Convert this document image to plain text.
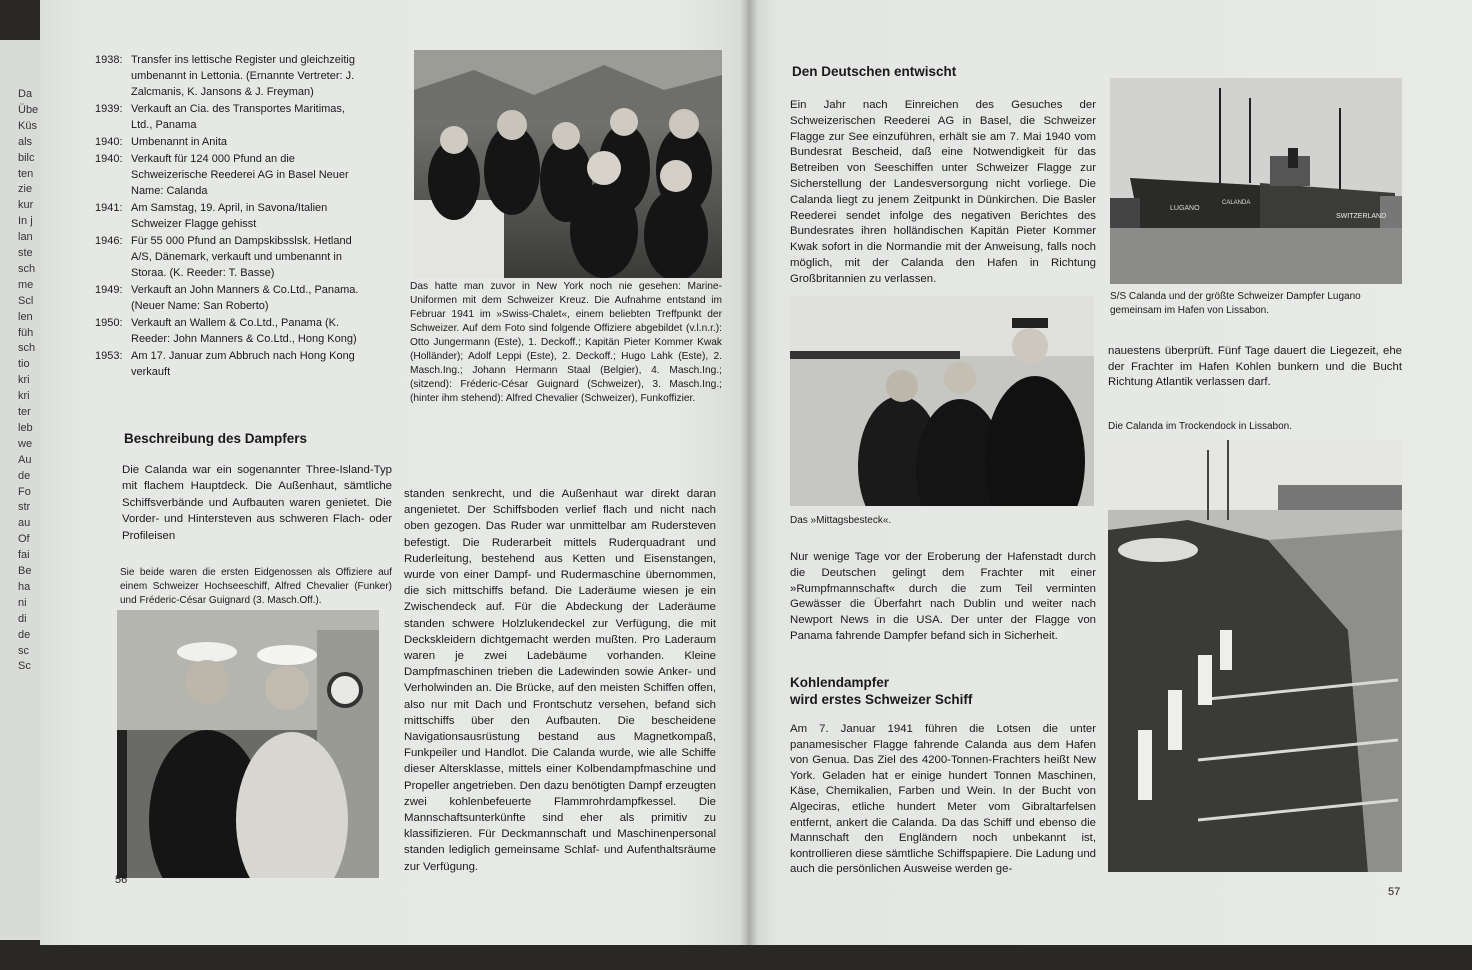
Da
Übe
Küs
als
bilc
ten
zie
kur
In j
lan
ste
sch
me
Scl
len
füh
sch
tio
kri
kri
ter
leb
we
Au
de
Fo
str
au
Of
fai
Be
ha
ni
di
de
sc
Sc
1938: Transfer ins lettische Register und gleichzeitig umbenannt in Lettonia. (Ernannte Vertreter: J. Zalcmanis, K. Jansons & J. Freyman)
1939: Verkauft an Cia. des Transportes Maritimas, Ltd., Panama
1940: Umbenannt in Anita
1940: Verkauft für 124 000 Pfund an die Schweizerische Reederei AG in Basel Neuer Name: Calanda
1941: Am Samstag, 19. April, in Savona/Italien Schweizer Flagge gehisst
1946: Für 55 000 Pfund an Dampskibsslsk. Hetland A/S, Dänemark, verkauft und umbenannt in Storaa. (K. Reeder: T. Basse)
1949: Verkauft an John Manners & Co.Ltd., Panama. (Neuer Name: San Roberto)
1950: Verkauft an Wallem & Co.Ltd., Panama (K. Reeder: John Manners & Co.Ltd., Hong Kong)
1953: Am 17. Januar zum Abbruch nach Hong Kong verkauft
Das hatte man zuvor in New York noch nie gesehen: Marine-Uniformen mit dem Schweizer Kreuz. Die Aufnahme entstand im Februar 1941 im »Swiss-Chalet«, einem beliebten Treffpunkt der Schweizer. Auf dem Foto sind folgende Offiziere abgebildet (v.l.n.r.): Otto Jungermann (Este), 1. Deckoff.; Kapitän Pieter Kommer Kwak (Holländer); Adolf Leppi (Este), 2. Deckoff.; Hugo Lahk (Este), 2. Masch.Ing.; Johann Hermann Staal (Belgier), 4. Masch.Ing.; (sitzend): Fréderic-César Guignard (Schweizer), 3. Masch.Ing.; (hinter ihm stehend): Alfred Chevalier (Schweizer), Funkoffizier.
Beschreibung des Dampfers
Die Calanda war ein sogenannter Three-Island-Typ mit flachem Hauptdeck. Die Außenhaut, sämtliche Schiffsverbände und Aufbauten waren genietet. Die Vorder- und Hintersteven aus schweren Flach- oder Profileisen
Sie beide waren die ersten Eidgenossen als Offiziere auf einem Schweizer Hochseeschiff, Alfred Chevalier (Funker) und Fréderic-César Guignard (3. Masch.Off.).
standen senkrecht, und die Außenhaut war direkt daran angenietet. Der Schiffsboden verlief flach und nicht nach oben gezogen. Das Ruder war unmittelbar am Rudersteven befestigt. Die Ruderarbeit mittels Ruderquadrant und Ruderleitung, bestehend aus Ketten und Eisenstangen, wurde von einer Dampf- und Rudermaschine übernommen, die sich mittschiffs befand. Die Laderäume wiesen je ein Zwischendeck auf. Für die Abdeckung der Laderäume standen schwere Holzlukendeckel zur Verfügung, die mit Deckskleidern dichtgemacht werden mußten. Pro Laderaum waren je zwei Ladebäume vorhanden. Kleine Dampfmaschinen trieben die Ladewinden sowie Anker- und Verholwinden an. Die Brücke, auf den meisten Schiffen offen, also nur mit Dach und Frontschutz versehen, befand sich mittschiffs über den Aufbauten. Die bescheidene Navigationsausrüstung bestand aus Magnetkompaß, Funkpeiler und Handlot. Die Calanda wurde, wie alle Schiffe dieser Altersklasse, mittels einer Kolbendampfmaschine und Propeller angetrieben. Den dazu benötigten Dampf erzeugten zwei kohlenbefeuerte Flammrohrdampfkessel. Die Mannschaftsunterkünfte sind eher als primitiv zu klassifizieren. Für Deckmannschaft und Maschinenpersonal standen lediglich gemeinsame Schlaf- und Aufenthaltsräume zur Verfügung.
56
Den Deutschen entwischt
Ein Jahr nach Einreichen des Gesuches der Schweizerischen Reederei AG in Basel, die Schweizer Flagge zur See einzuführen, erhält sie am 7. Mai 1940 vom Bundesrat Bescheid, daß eine Notwendigkeit für das Betreiben von Seeschiffen unter Schweizer Flagge zur Sicherstellung der Landesversorgung nicht vorliege. Die Calanda liegt zu jenem Zeitpunkt in Dünkirchen. Die Basler Reederei sendet infolge des negativen Berichtes des Bundesrates ihren holländischen Kapitän Pieter Kommer Kwak sofort in die Normandie mit der Anweisung, falls noch möglich, mit der Calanda den Hafen in Richtung Großbritannien zu verlassen.
LUGANO
CALANDA
SWITZERLAND
S/S Calanda und der größte Schweizer Dampfer Lugano gemeinsam im Hafen von Lissabon.
Das »Mittagsbesteck«.
Nur wenige Tage vor der Eroberung der Hafenstadt durch die Deutschen gelingt dem Frachter mit einer »Rumpfmannschaft« durch die zum Teil verminten Gewässer die Überfahrt nach Dublin und weiter nach Newport News in die USA. Der unter der Flagge von Panama fahrende Dampfer befand sich in Sicherheit.
Kohlendampfer
wird erstes Schweizer Schiff
Am 7. Januar 1941 führen die Lotsen die unter panamesischer Flagge fahrende Calanda aus dem Hafen von Genua. Das Ziel des 4200-Tonnen-Frachters heißt New York. Geladen hat er einige hundert Tonnen Maschinen, Käse, Chemikalien, Farben und Wein. In der Bucht von Algeciras, etliche hundert Meter vom Gibraltarfelsen entfernt, ankert die Calanda. Da das Schiff und ebenso die Mannschaft den Engländern noch unbekannt ist, kontrollieren diese sämtliche Schiffspapiere. Die Ladung und auch die persönlichen Ausweise werden ge-
nauestens überprüft. Fünf Tage dauert die Liegezeit, ehe der Frachter im Hafen Kohlen bunkern und die Bucht Richtung Atlantik verlassen darf.
Die Calanda im Trockendock in Lissabon.
57
